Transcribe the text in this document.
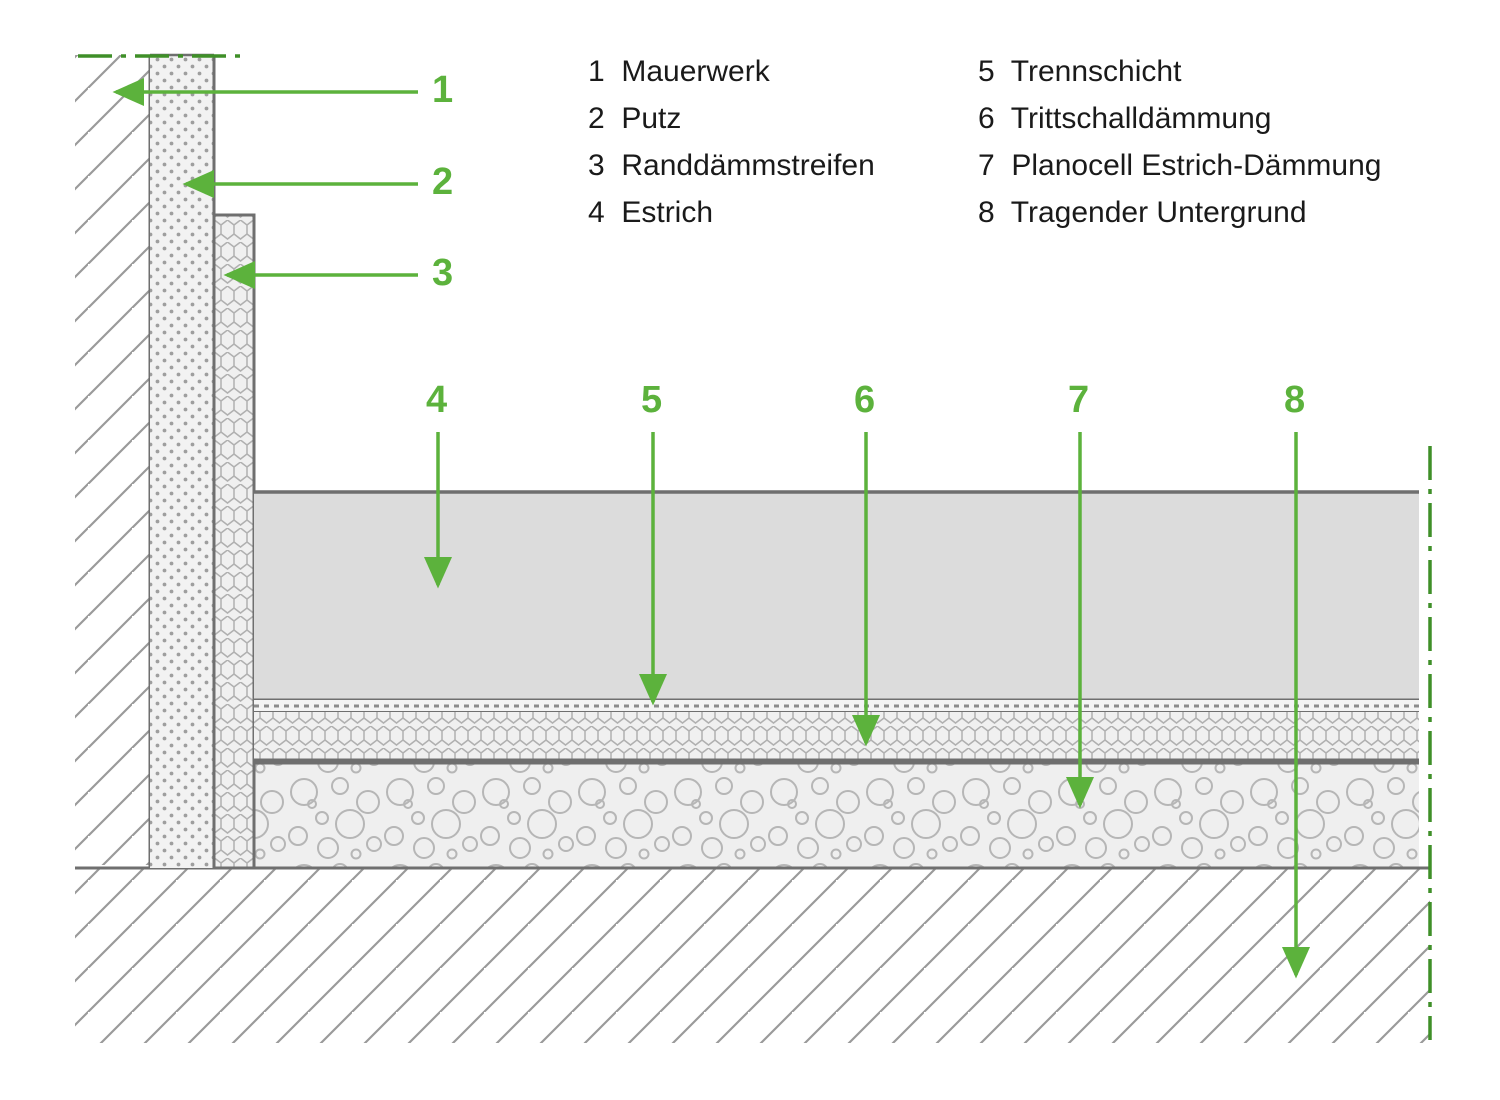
1 Mauerwerk	5 Trennschicht
2 Putz	6 Trittschalldämmung
3 Randdämmstreifen	7 Planocell Estrich-Dämmung
4 Estrich	8 Tragender Untergrund
1
2
3
4	5	6	7	8
